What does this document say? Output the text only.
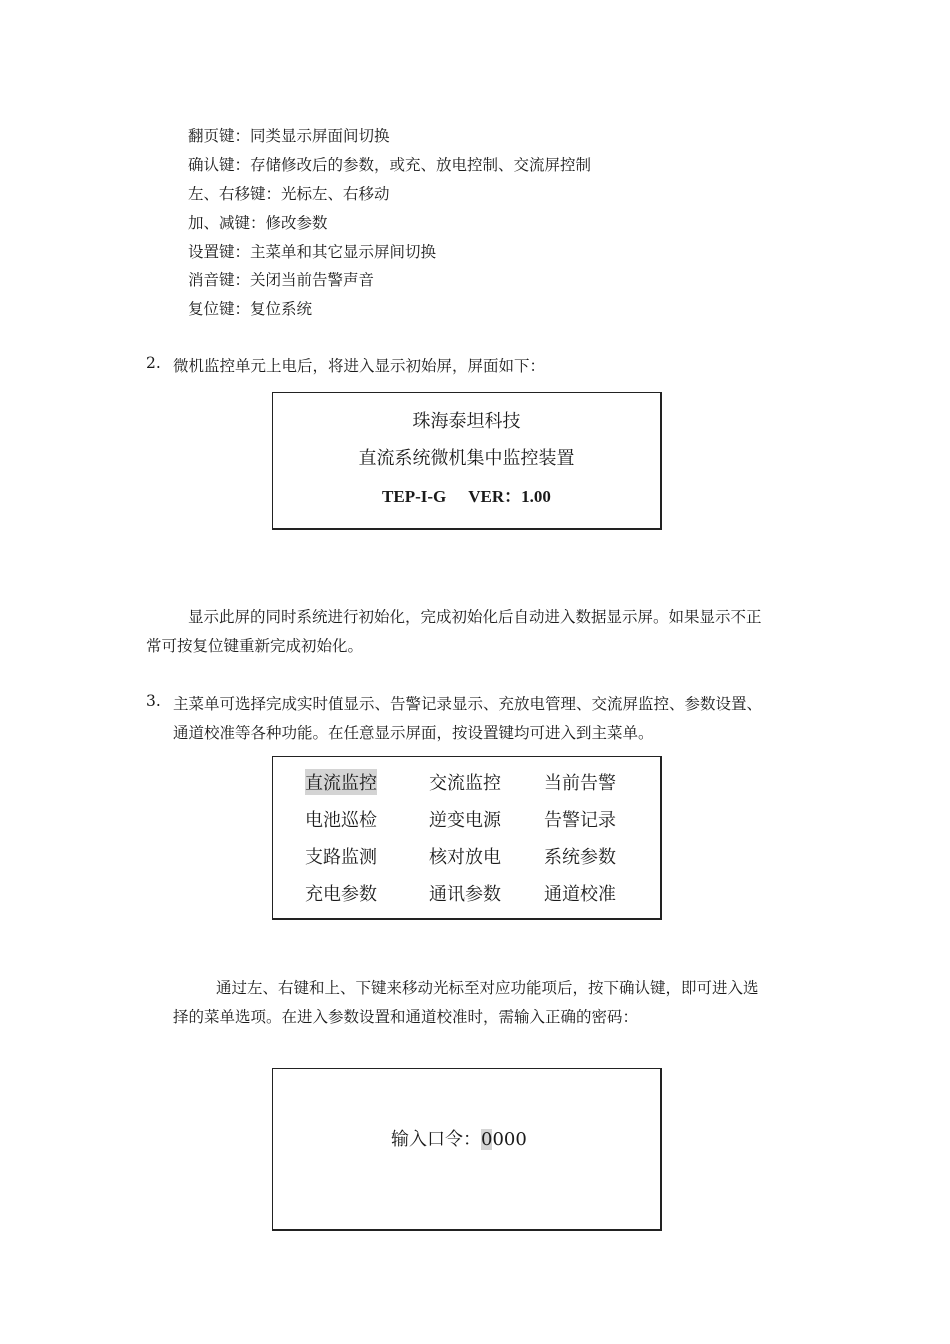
翻页键：同类显示屏面间切换
确认键：存储修改后的参数，或充、放电控制、交流屏控制
左、右移键：光标左、右移动
加、减键：修改参数
设置键：主菜单和其它显示屏间切换
消音键：关闭当前告警声音
复位键：复位系统
2. 微机监控单元上电后，将进入显示初始屏，屏面如下：
珠海泰坦科技
直流系统微机集中监控装置
TEP-I-G VER：1.00
显示此屏的同时系统进行初始化，完成初始化后自动进入数据显示屏。如果显示不正
常可按复位键重新完成初始化。
3. 主菜单可选择完成实时值显示、告警记录显示、充放电管理、交流屏监控、参数设置、
通道校准等各种功能。在任意显示屏面，按设置键均可进入到主菜单。
直流监控	交流监控 当前告警
电池巡检	逆变电源 告警记录
支路监测	核对放电 系统参数
充电参数	通讯参数 通道校准
通过左、右键和上、下键来移动光标至对应功能项后，按下确认键，即可进入选
择的菜单选项。在进入参数设置和通道校准时，需输入正确的密码：
输入口令：0000
